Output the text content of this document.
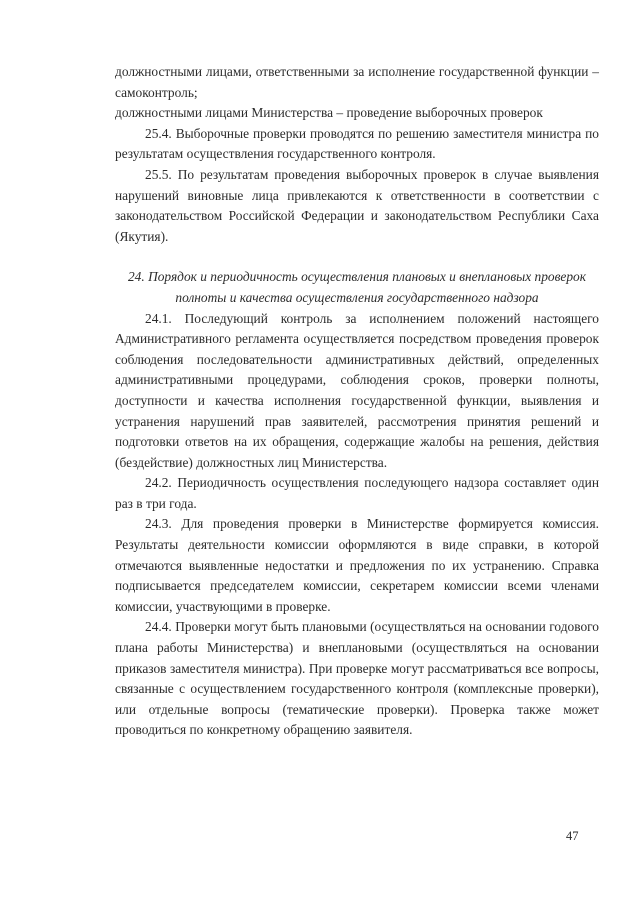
должностными лицами, ответственными за исполнение государственной функции – самоконтроль;

должностными лицами Министерства – проведение выборочных проверок

25.4. Выборочные проверки проводятся по решению заместителя министра по результатам осуществления государственного контроля.

25.5. По результатам проведения выборочных проверок в случае выявления нарушений виновные лица привлекаются к ответственности в соответствии с законодательством Российской Федерации и законодательством Республики Саха (Якутия).

24. Порядок и периодичность осуществления плановых и внеплановых проверок полноты и качества осуществления государственного надзора

24.1. Последующий контроль за исполнением положений настоящего Административного регламента осуществляется посредством проведения проверок соблюдения последовательности административных действий, определенных административными процедурами, соблюдения сроков, проверки полноты, доступности и качества исполнения государственной функции, выявления и устранения нарушений прав заявителей, рассмотрения принятия решений и подготовки ответов на их обращения, содержащие жалобы на решения, действия (бездействие) должностных лиц Министерства.

24.2. Периодичность осуществления последующего надзора составляет один раз в три года.

24.3. Для проведения проверки в Министерстве формируется комиссия. Результаты деятельности комиссии оформляются в виде справки, в которой отмечаются выявленные недостатки и предложения по их устранению. Справка подписывается председателем комиссии, секретарем комиссии всеми членами комиссии, участвующими в проверке.

24.4. Проверки могут быть плановыми (осуществляться на основании годового плана работы Министерства) и внеплановыми (осуществляться на основании приказов заместителя министра). При проверке могут рассматриваться все вопросы, связанные с осуществлением государственного контроля (комплексные проверки), или отдельные вопросы (тематические проверки). Проверка также может проводиться по конкретному обращению заявителя.

47
